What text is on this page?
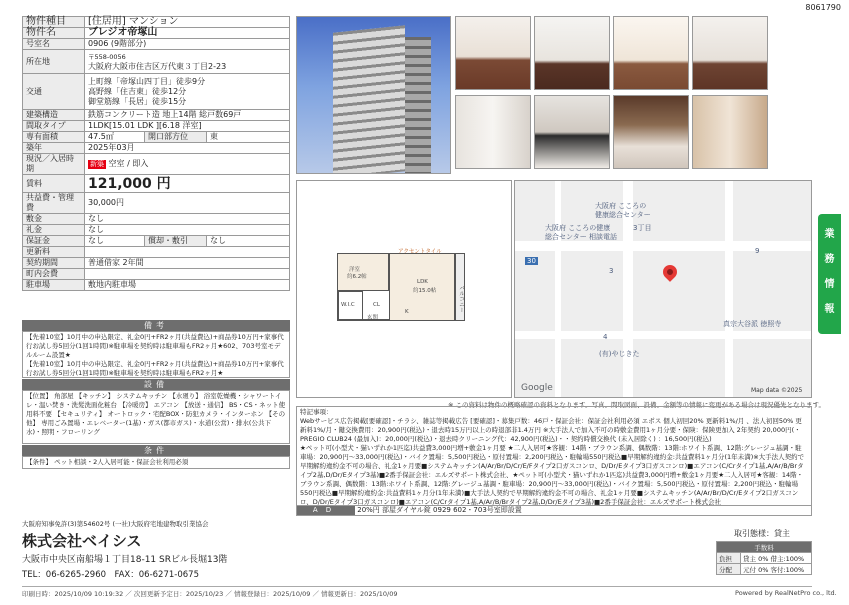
8061790
物件種目	[住居用] マンション		
物件名	ブレジオ帝塚山		
号室名	0906 (9階部分)		
所在地	〒558-0056
大阪府大阪市住吉区万代東３丁目2-23		

交通	上町線「帝塚山四丁目」徒歩9分
高野線「住吉東」徒歩12分
御堂筋線「長居」徒歩15分		

建築構造	鉄筋コンクリート造 地上14階 総戸数69戸		
間取タイプ	1LDK[15.01 LDK ][6.18 洋室]		
専有面積	47.5㎡	開口部方位	東
築年	2025年03月		
現況／入居時期	新築 空室 / 即入		
賃料	121,000 円		
共益費・管理費	30,000円		
敷金	なし		
礼金	なし		
保証金	なし	償却・敷引	なし
更新料			
契約期間	普通借家 2年間		
町内会費			
駐車場	敷地内駐車場		
備考
【先着10室】10月中の申込限定、礼金0円+FR2ヶ月(共益費込)+商品券10万円+家事代行お試し券5回分(1回1時間)※駐車場を契約時は駐車場もFR2ヶ月★602、703号室モデルルーム設置★
【先着10室】10月中の申込限定、礼金0円+FR2ヶ月(共益費込)+商品券10万円+家事代行お試し券5回分(1回1時間)※駐車場を契約時は駐車場もFR2ヶ月★
設備
【位置】 角部屋 【キッチン】 システムキッチン 【水廻り】 浴室乾燥機・シャワートイレ・温い焚き・洗髪洗面化粧台 【冷暖房】 エアコン 【放送・通信】 BS・CS・ネット使用料不要 【セキュリティ】 オートロック・宅配BOX・防犯カメラ・インターホン 【その他】 専用ごみ置場・エレベーター(1基)・ガス(都市ガス)・水道(公営)・排水(公共下水)・照明・フローリング
条件
【条件】 ペット相談・2人入居可能・保証会社利用必須
アクセントタイル
洋室
約6.2帖
LDK
約15.0帖
W.I.C	CL
K
玄関
バルコニー
大阪府 こころの
健康総合センター
大阪府 こころの健康
総合センター 相談電話
3丁目
真宗大谷派 徳照寺
(有)やじきた
9
3
4
30
Google	Map data ©2025
業
務
情
報
※ この資料は物件の概略確認の資料となります。写真、間取図面、設備、金額等の情報に変更がある場合は現況優先となります。
特記事項：
Webサービス広告掲載[要確認]・チラシ、雑誌等掲載広告 [要確認]・募集戸数：46戸・保証会社：保証会社利用必須 エポス 個人初回20% 更新料1%/月 、法人初回50% 更新料1%/月・鍵交換費用：20,900円(税込)・退去時15万円以上の時退部非1.4万円 ※大手法人で加入不可の時敷金費用1ヶ月分要・保険：保険更加入 2年契約 20,000円(・PREGIO CLUB24 (最加入)：20,000円(税込)・退去時クリーニング代：42,900円(税込)・・契約時償交換代 (未入居除く) ：16,500円(税込)
★ペット可(小型犬・猫いずれか1匹迄)共益費3,000円増+敷金1ヶ月要 ★二人入居可★客観：14階・ブラウン系調、偶数階：13階:ホワイト系調、12階:グレージュ基調・駐車場：20,900円～33,000円(税込)・バイク置場：5,500円税込・原付置場：2,200円税込・駐輪場550円税込■早期解約違約金:共益費料1ヶ月分(1年未満)※大手法人契約で早期解約違約金不可の場合、礼金1ヶ月要■システムキッチン(A/Ar/Br/D/Cr/E/Fタイプ2口ガスコンロ、D/Dr/Eタイプ3口ガスコンロ)■エアコン(C/Crタイプ1基,A/Ar/B/Brタイプ2基,D/Dr/Eタイプ3基)■2番手保証会社：エルズサポート株式会社、★ペット可(小型犬・猫いずれか1匹迄)共益費3,000円増+敷金1ヶ月要★二人入居可★客観：14階・ブラウン系調、偶数階：13階:ホワイト系調、12階:グレージュ基調・駐車場：20,900円～33,000円(税込)・バイク置場：5,500円税込・原付置場：2,200円税込・駐輪場550円税込■早期解約違約金:共益費料1ヶ月分(1年未満)■大手法人契約で早期解約違約金不可の場合、礼金1ヶ月要■システムキッチン(A/Ar/Br/D/Cr/Eタイプ2口ガスコンロ、D/Dr/Eタイプ3口ガスコンロ)■エアコン(C/Crタイプ1基,A/Ar/B/Brタイプ2基,D/Dr/Eタイプ3基)■2番手保証会社：エルズサポート株式会社
AD	20%円 部屋ダイヤル錠 0929 602・703号室即設置
大阪府知事免許(3)第54602号 (一社)大阪府宅地建物取引業協会
株式会社ベイシス
大阪市中央区南船場１丁目18-11 SRビル長堀13階
TEL：06-6265-2960　FAX：06-6271-0675
取引態様：貸主
手数料	
負担	貸主 0% 借主:100%
分配	元付 0% 客付:100%
印刷日時：2025/10/09 10:19:32 ／ 次回更新予定日：2025/10/23 ／ 情報登録日：2025/10/09 ／ 情報更新日：2025/10/09	Powered by RealNetPro co., ltd.
